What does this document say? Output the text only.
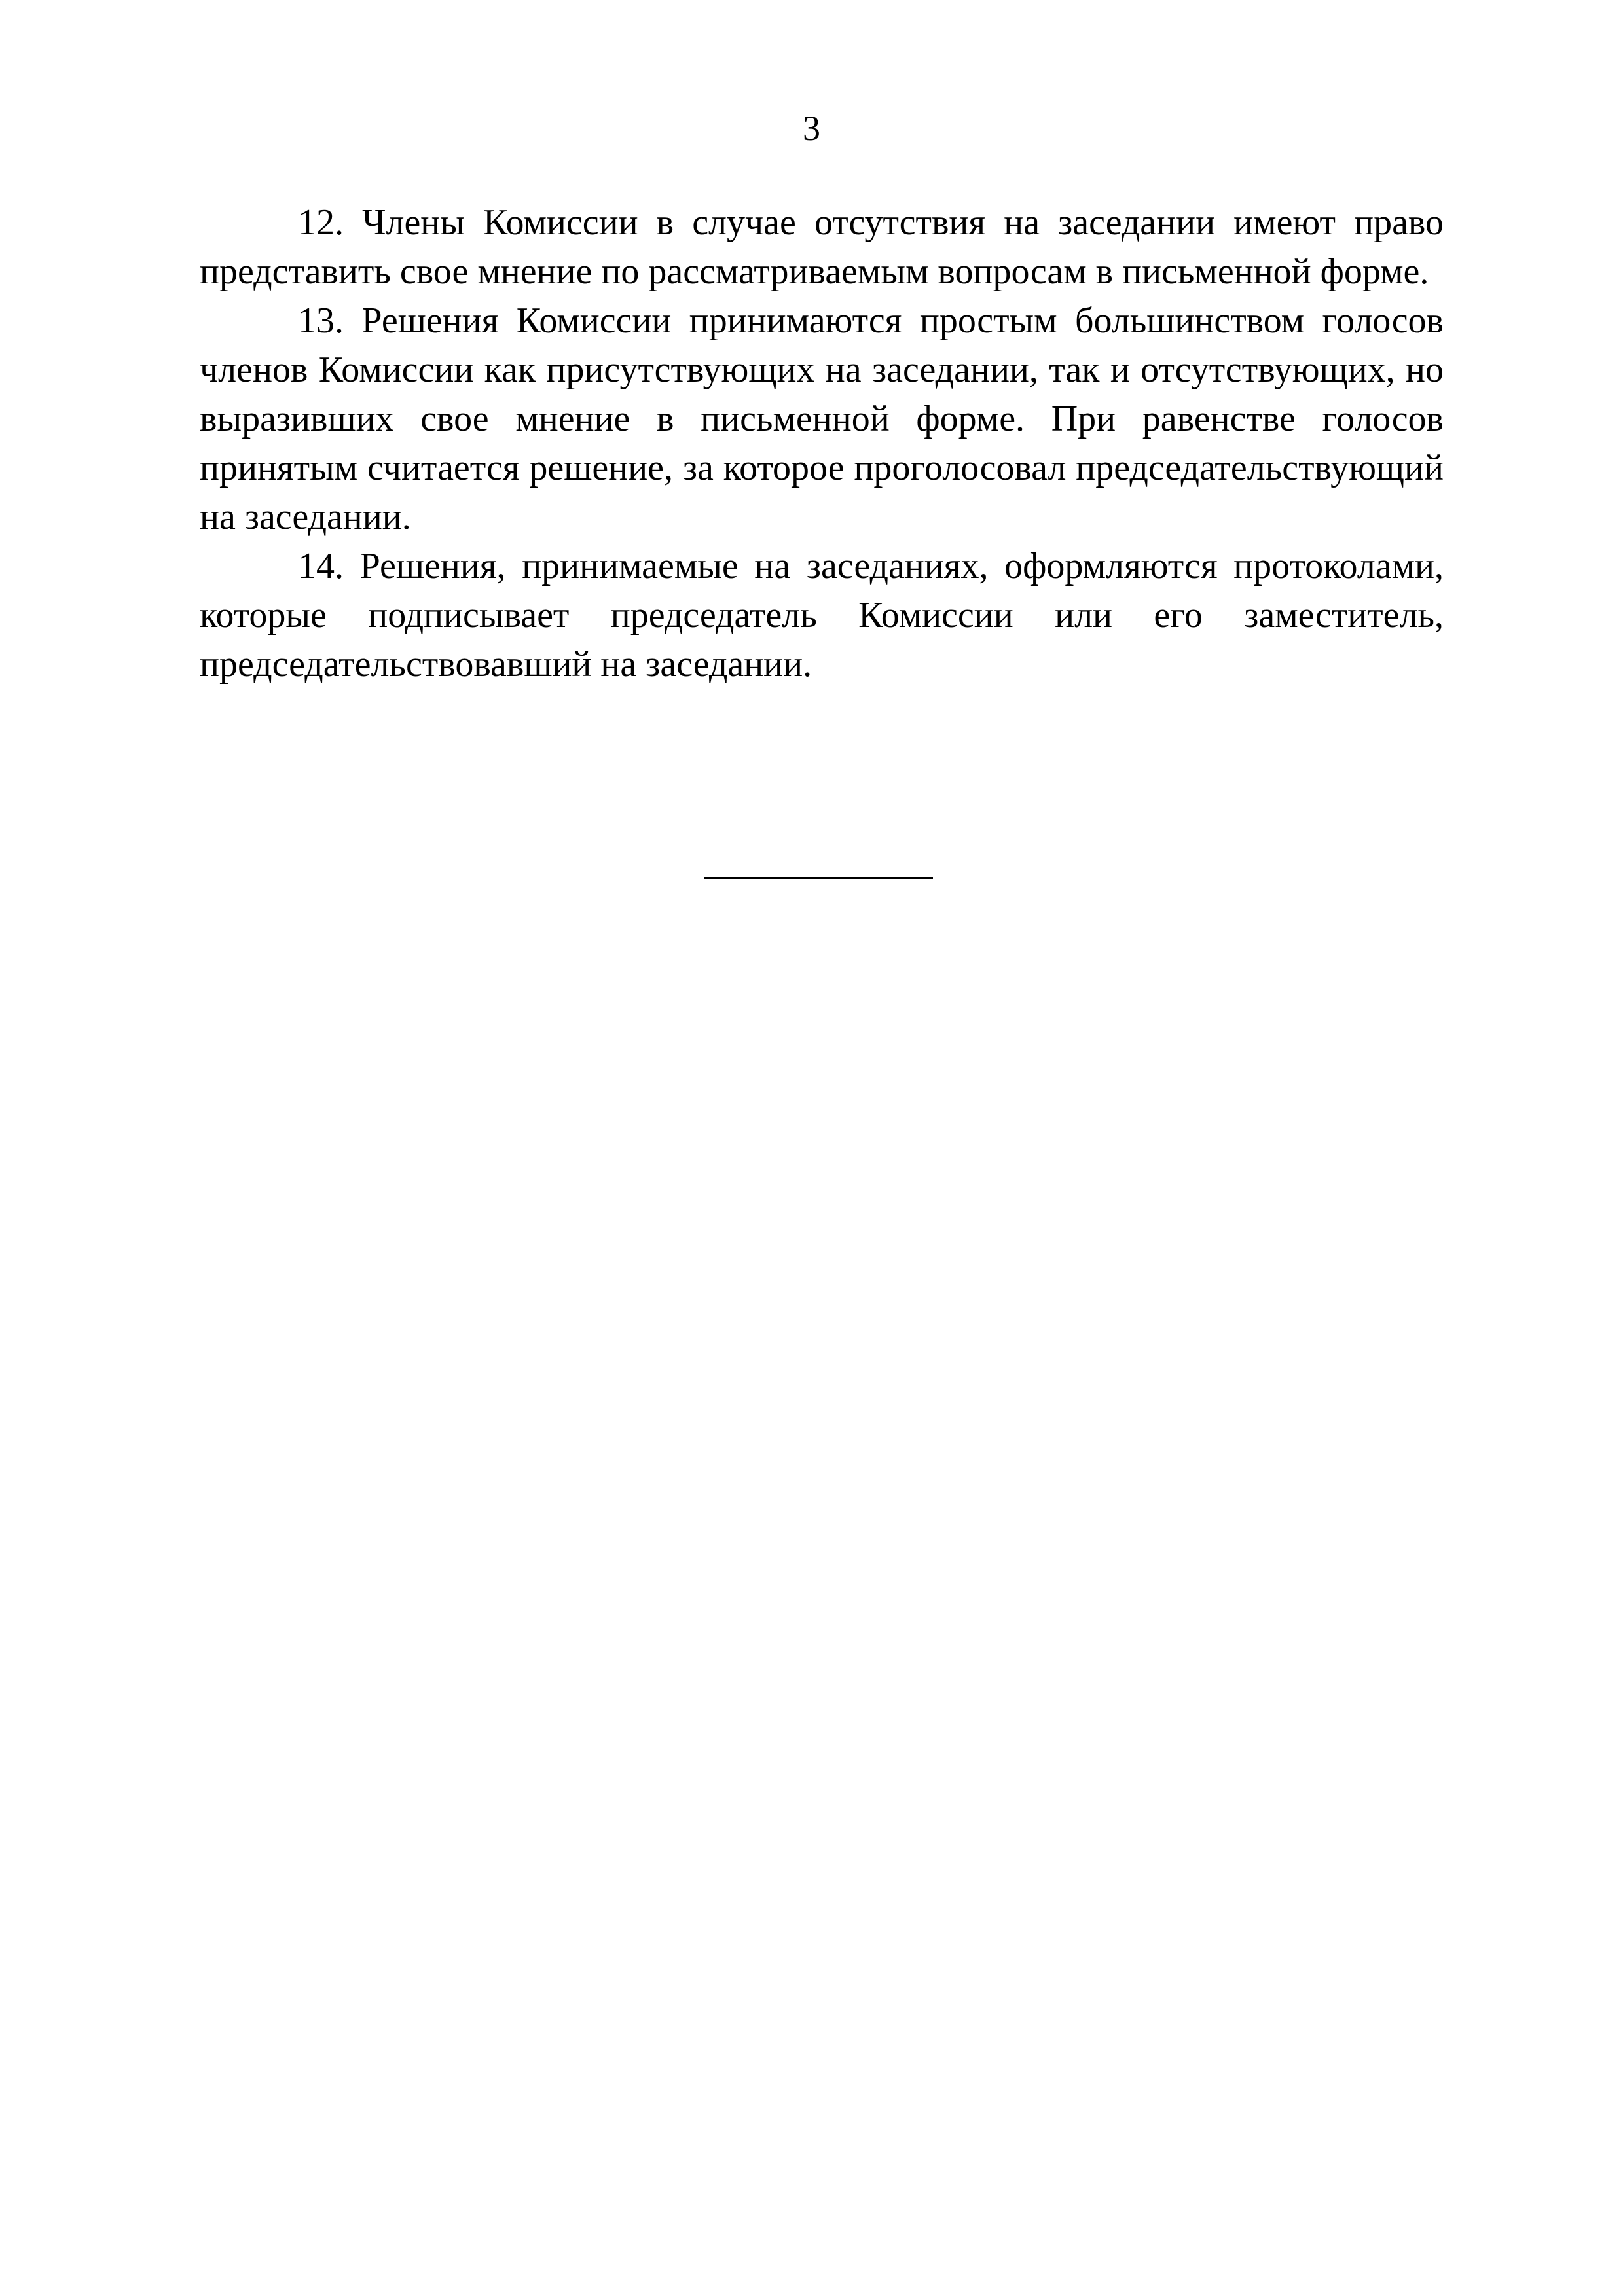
3

12. Члены Комиссии в случае отсутствия на заседании имеют право представить свое мнение по рассматриваемым вопросам в письменной форме.

13. Решения Комиссии принимаются простым большинством голосов членов Комиссии как присутствующих на заседании, так и отсутствующих, но выразивших свое мнение в письменной форме. При равенстве голосов принятым считается решение, за которое проголосовал председательствующий на заседании.

14. Решения, принимаемые на заседаниях, оформляются протоколами, которые подписывает председатель Комиссии или его заместитель, председательствовавший на заседании.
